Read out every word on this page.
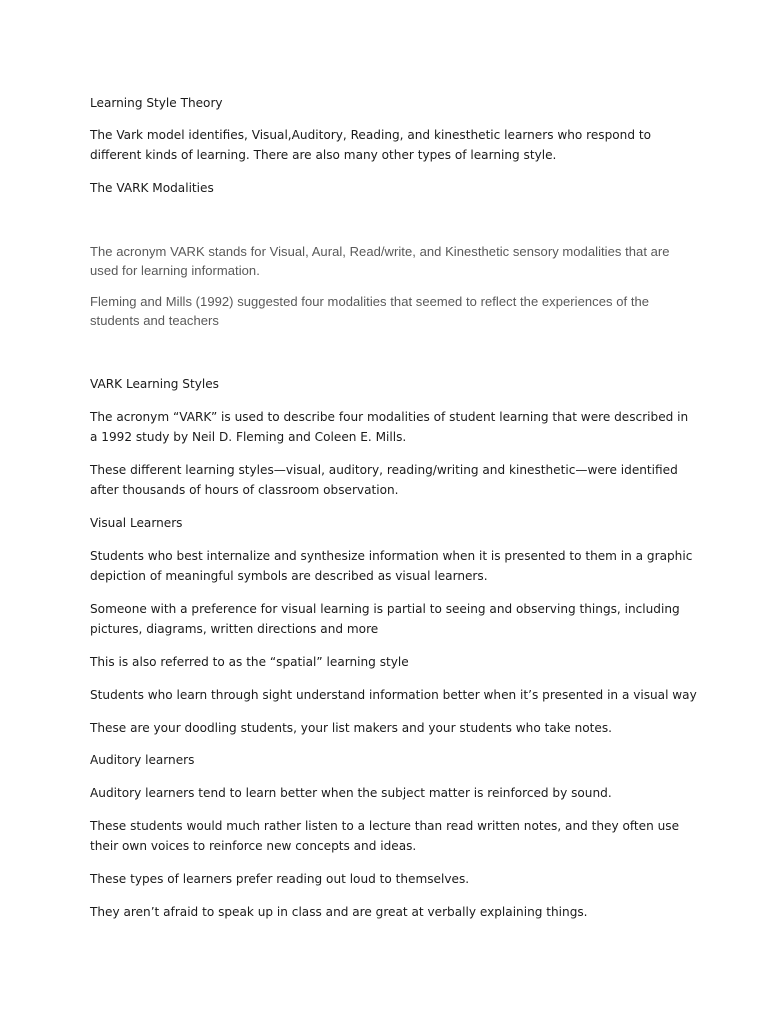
Learning Style Theory

The Vark model identifies, Visual,Auditory, Reading, and kinesthetic learners who respond to different kinds of learning. There are also many other types of learning style.

The VARK Modalities

The acronym VARK stands for Visual, Aural, Read/write, and Kinesthetic sensory modalities that are used for learning information.

Fleming and Mills (1992) suggested four modalities that seemed to reflect the experiences of the students and teachers

VARK Learning Styles

The acronym “VARK” is used to describe four modalities of student learning that were described in a 1992 study by Neil D. Fleming and Coleen E. Mills.

These different learning styles—visual, auditory, reading/writing and kinesthetic—were identified after thousands of hours of classroom observation.

Visual Learners

Students who best internalize and synthesize information when it is presented to them in a graphic depiction of meaningful symbols are described as visual learners.

Someone with a preference for visual learning is partial to seeing and observing things, including pictures, diagrams, written directions and more

This is also referred to as the “spatial” learning style

Students who learn through sight understand information better when it’s presented in a visual way

These are your doodling students, your list makers and your students who take notes.

Auditory learners

Auditory learners tend to learn better when the subject matter is reinforced by sound.

These students would much rather listen to a lecture than read written notes, and they often use their own voices to reinforce new concepts and ideas.

These types of learners prefer reading out loud to themselves.

They aren’t afraid to speak up in class and are great at verbally explaining things.
